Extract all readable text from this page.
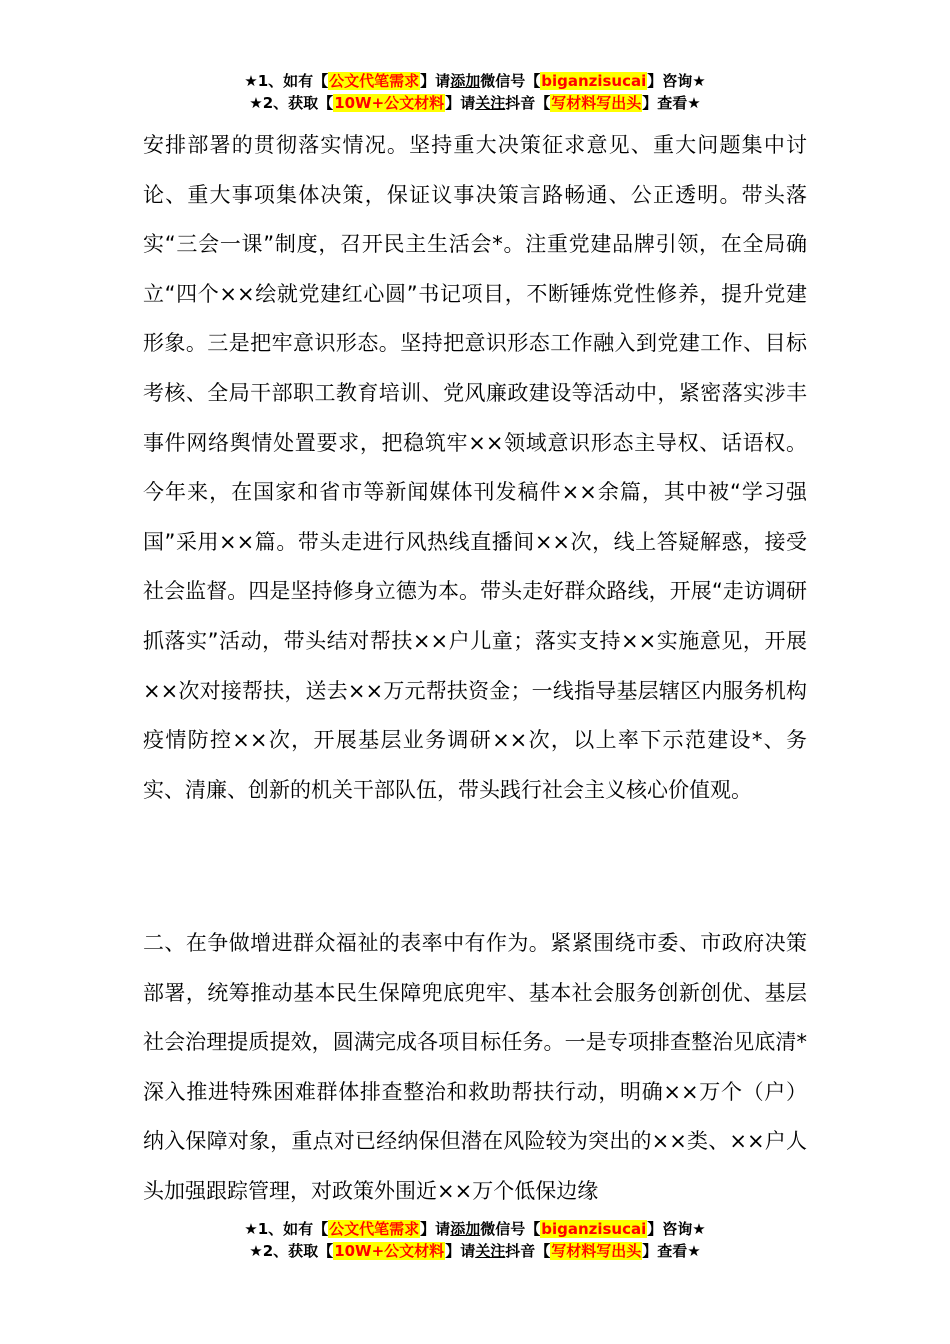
★1、如有【公文代笔需求】请添加微信号【biganzisucai】咨询★
★2、获取【10W+公文材料】请关注抖音【写材料写出头】查看★

安排部署的贯彻落实情况。坚持重大决策征求意见、重大问题集中讨论、重大事项集体决策，保证议事决策言路畅通、公正透明。带头落实“三会一课”制度，召开民主生活会*。注重党建品牌引领，在全局确立“四个××绘就党建红心圆”书记项目，不断锤炼党性修养，提升党建形象。三是把牢意识形态。坚持把意识形态工作融入到党建工作、目标考核、全局干部职工教育培训、党风廉政建设等活动中，紧密落实涉丰事件网络舆情处置要求，把稳筑牢××领域意识形态主导权、话语权。今年来，在国家和省市等新闻媒体刊发稿件××余篇，其中被“学习强国”采用××篇。带头走进行风热线直播间××次，线上答疑解惑，接受社会监督。四是坚持修身立德为本。带头走好群众路线，开展“走访调研抓落实”活动，带头结对帮扶××户儿童；落实支持××实施意见，开展××次对接帮扶，送去××万元帮扶资金；一线指导基层辖区内服务机构疫情防控××次，开展基层业务调研××次，以上率下示范建设*、务实、清廉、创新的机关干部队伍，带头践行社会主义核心价值观。

二、在争做增进群众福祉的表率中有作为。紧紧围绕市委、市政府决策部署，统筹推动基本民生保障兜底兜牢、基本社会服务创新创优、基层社会治理提质提效，圆满完成各项目标任务。一是专项排查整治见底清*深入推进特殊困难群体排查整治和救助帮扶行动，明确××万个（户）纳入保障对象，重点对已经纳保但潜在风险较为突出的××类、××户人头加强跟踪管理，对政策外围近××万个低保边缘

★1、如有【公文代笔需求】请添加微信号【biganzisucai】咨询★
★2、获取【10W+公文材料】请关注抖音【写材料写出头】查看★
